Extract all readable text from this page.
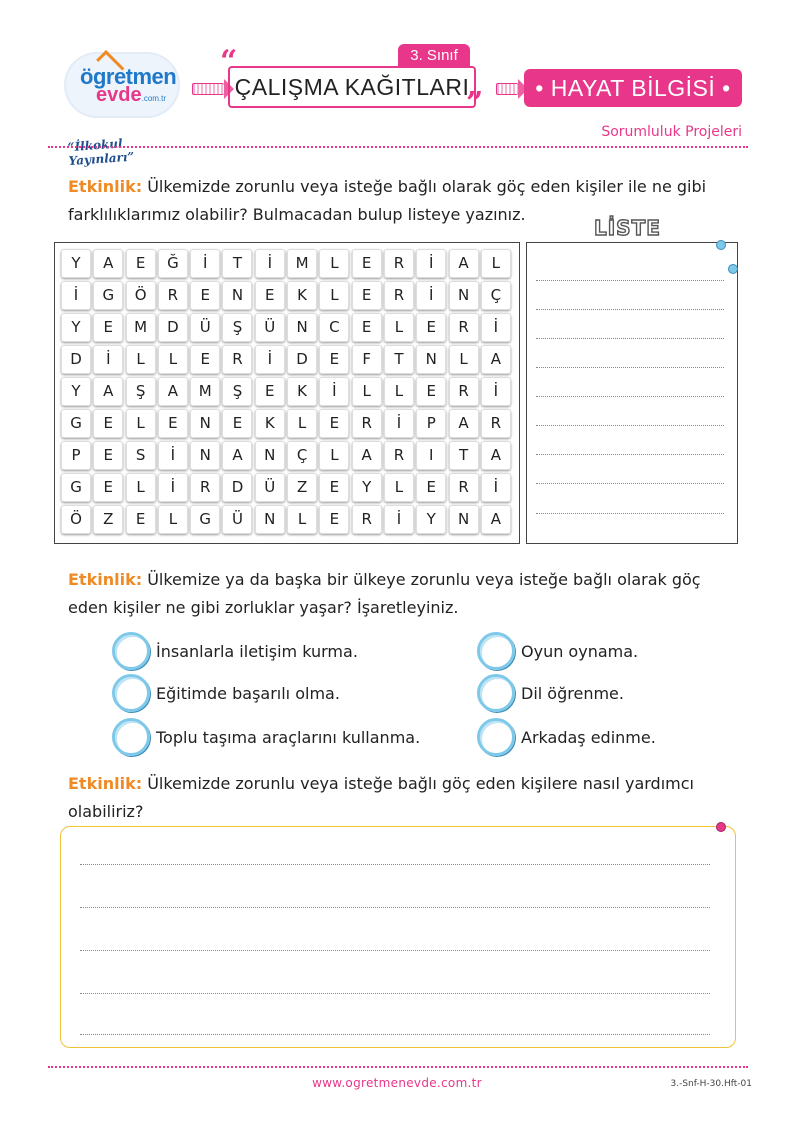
ögretmen
evde.com.tr
“İlkokul Yayınları”
3. Sınıf
“
ÇALIŞMA KAĞITLARI
”	• HAYAT BİLGİSİ •
Sorumluluk Projeleri
Etkinlik: Ülkemizde zorunlu veya isteğe bağlı olarak göç eden kişiler ile ne gibi farklılıklarımız olabilir? Bulmacadan bulup listeye yazınız.
Y	A	E	Ğ	İ	T	İ	M	L	E	R	İ	A	L
İ	G	Ö	R	E	N	E	K	L	E	R	İ	N	Ç
Y	E	M	D	Ü	Ş	Ü	N	C	E	L	E	R	İ
D	İ	L	L	E	R	İ	D	E	F	T	N	L	A
Y	A	Ş	A	M	Ş	E	K	İ	L	L	E	R	İ
G	E	L	E	N	E	K	L	E	R	İ	P	A	R
P	E	S	İ	N	A	N	Ç	L	A	R	I	T	A
G	E	L	İ	R	D	Ü	Z	E	Y	L	E	R	İ
Ö	Z	E	L	G	Ü	N	L	E	R	İ	Y	N	A
LİSTE
Etkinlik: Ülkemize ya da başka bir ülkeye zorunlu veya isteğe bağlı olarak göç eden kişiler ne gibi zorluklar yaşar? İşaretleyiniz.
İnsanlarla iletişim kurma.	Oyun oynama.
Eğitimde başarılı olma.	Dil öğrenme.
Toplu taşıma araçlarını kullanma.	Arkadaş edinme.
Etkinlik: Ülkemizde zorunlu veya isteğe bağlı göç eden kişilere nasıl yardımcı olabiliriz?
www.ogretmenevde.com.tr	3.-Snf-H-30.Hft-01
